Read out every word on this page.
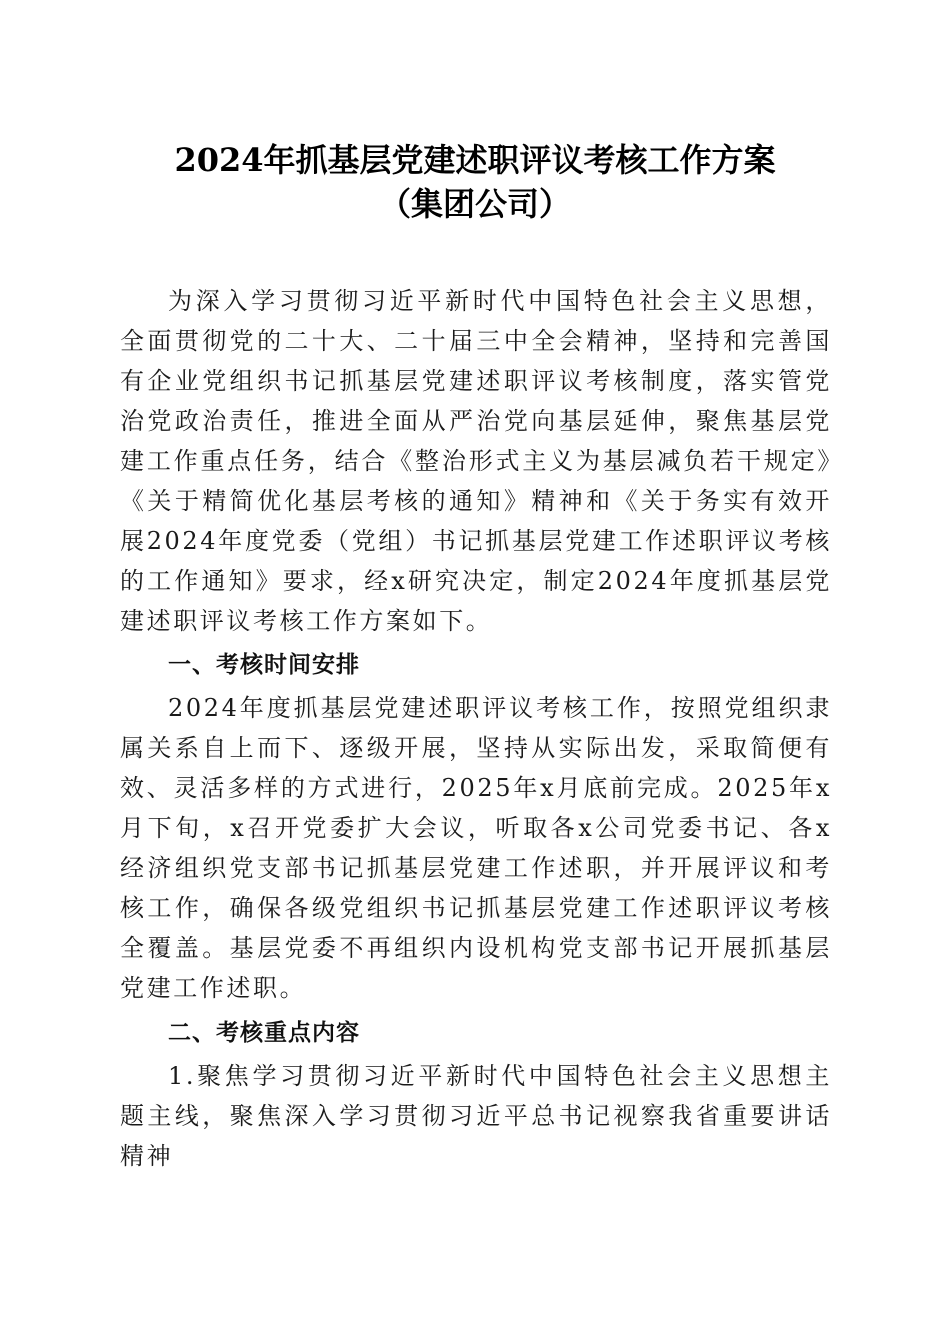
2024年抓基层党建述职评议考核工作方案
（集团公司）

为深入学习贯彻习近平新时代中国特色社会主义思想，全面贯彻党的二十大、二十届三中全会精神，坚持和完善国有企业党组织书记抓基层党建述职评议考核制度，落实管党治党政治责任，推进全面从严治党向基层延伸，聚焦基层党建工作重点任务，结合《整治形式主义为基层减负若干规定》《关于精简优化基层考核的通知》精神和《关于务实有效开展2024年度党委（党组）书记抓基层党建工作述职评议考核的工作通知》要求，经x研究决定，制定2024年度抓基层党建述职评议考核工作方案如下。

一、考核时间安排

2024年度抓基层党建述职评议考核工作，按照党组织隶属关系自上而下、逐级开展，坚持从实际出发，采取简便有效、灵活多样的方式进行，2025年x月底前完成。2025年x月下旬，x召开党委扩大会议，听取各x公司党委书记、各x经济组织党支部书记抓基层党建工作述职，并开展评议和考核工作，确保各级党组织书记抓基层党建工作述职评议考核全覆盖。基层党委不再组织内设机构党支部书记开展抓基层党建工作述职。

二、考核重点内容

1.聚焦学习贯彻习近平新时代中国特色社会主义思想主题主线，聚焦深入学习贯彻习近平总书记视察我省重要讲话精神
